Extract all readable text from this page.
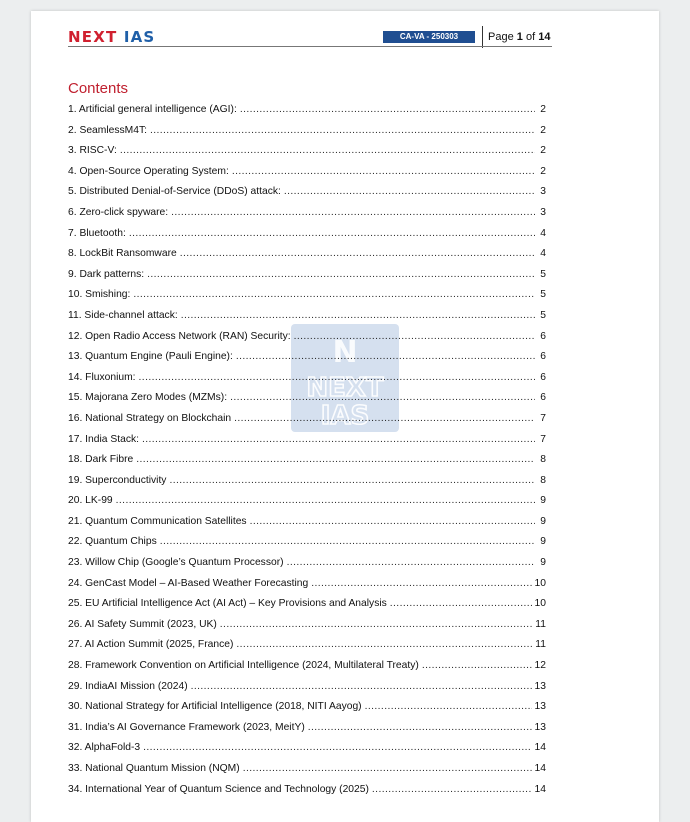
NEXT IAS	CA-VA - 250303	Page 1 of 14
N
NEXT
IAS
Contents
1. Artificial general intelligence (AGI): .....	2
2. SeamlessM4T: .....	2
3. RISC-V: .....	2
4. Open-Source Operating System: .....	2
5. Distributed Denial-of-Service (DDoS) attack: .....	3
6. Zero-click spyware: .....	3
7. Bluetooth: .....	4
8. LockBit Ransomware .....	4
9. Dark patterns: .....	5
10. Smishing: .....	5
11. Side-channel attack: .....	5
12. Open Radio Access Network (RAN) Security: .....	6
13. Quantum Engine (Pauli Engine): .....	6
14. Fluxonium: .....	6
15. Majorana Zero Modes (MZMs): .....	6
16. National Strategy on Blockchain .....	7
17. India Stack: .....	7
18. Dark Fibre .....	8
19. Superconductivity .....	8
20. LK-99 .....	9
21. Quantum Communication Satellites .....	9
22. Quantum Chips .....	9
23. Willow Chip (Google’s Quantum Processor) .....	9
24. GenCast Model – AI-Based Weather Forecasting .....	10
25. EU Artificial Intelligence Act (AI Act) – Key Provisions and Analysis .....	10
26. AI Safety Summit (2023, UK) .....	11
27. AI Action Summit (2025, France) .....	11
28. Framework Convention on Artificial Intelligence (2024, Multilateral Treaty) .....	12
29. IndiaAI Mission (2024) .....	13
30. National Strategy for Artificial Intelligence (2018, NITI Aayog) .....	13
31. India’s AI Governance Framework (2023, MeitY) .....	13
32. AlphaFold-3 .....	14
33. National Quantum Mission (NQM) .....	14
34. International Year of Quantum Science and Technology (2025) .....	14
